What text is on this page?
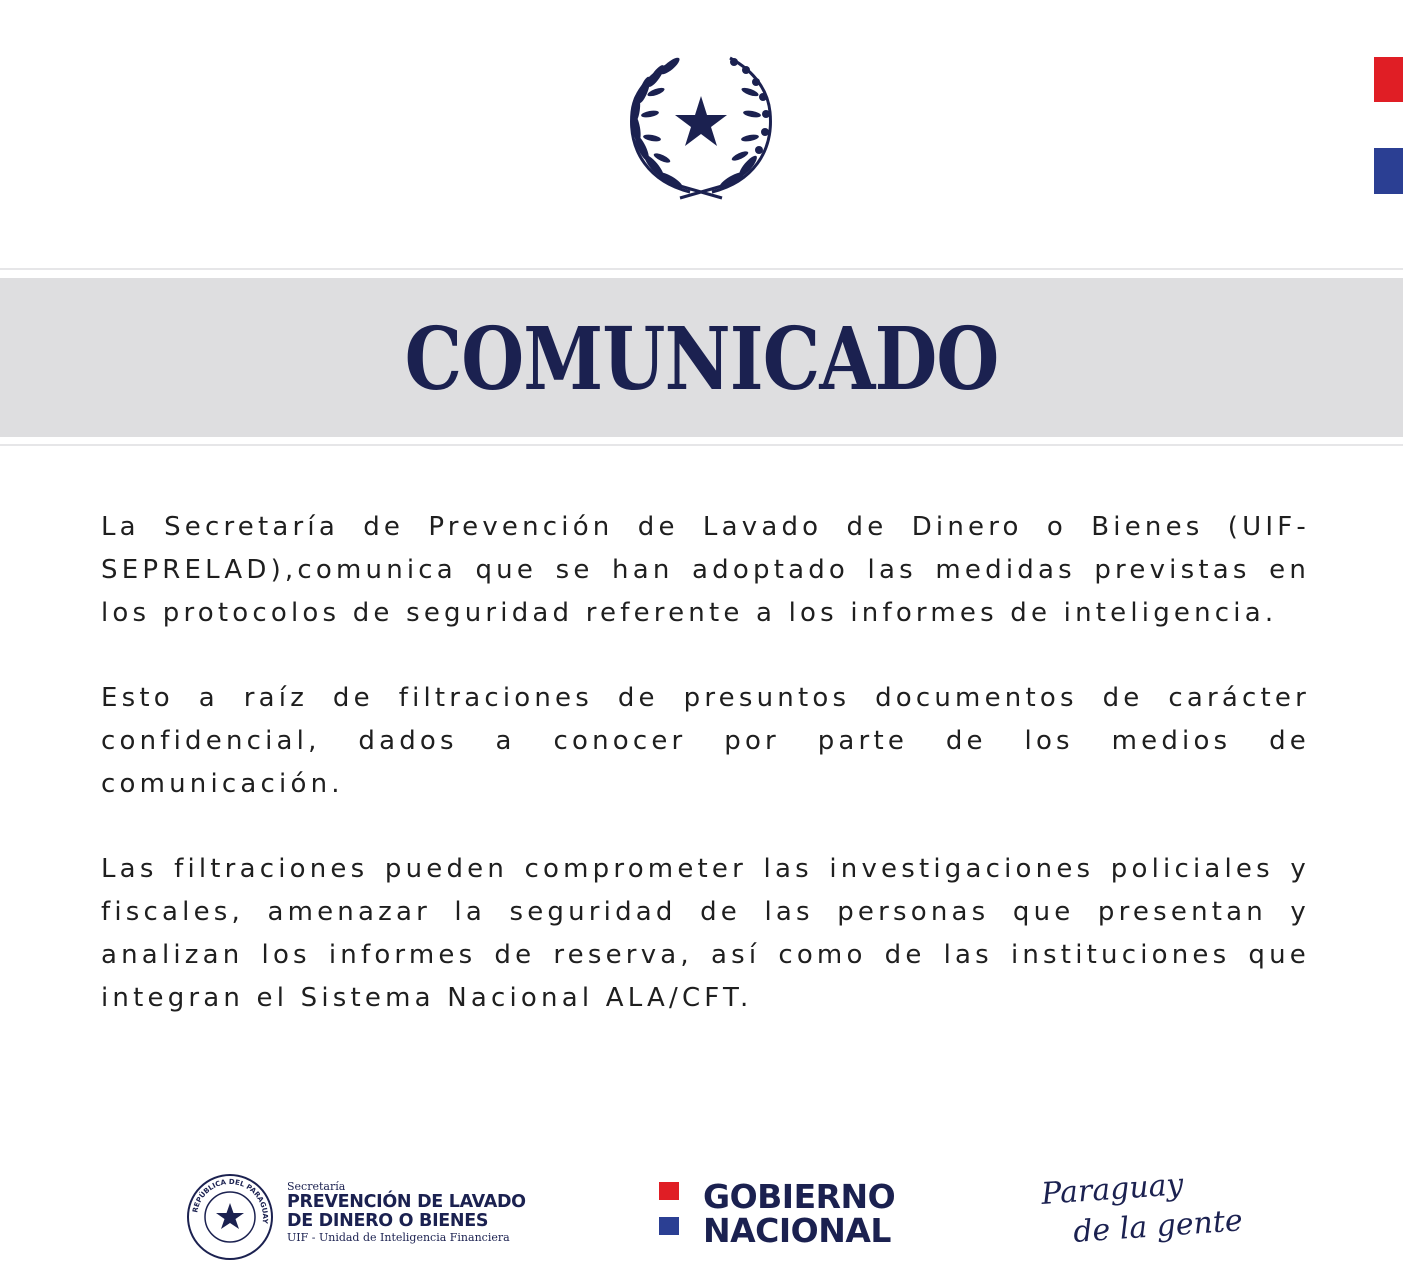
COMUNICADO

La Secretaría de Prevención de Lavado de Dinero o Bienes (UIF-SEPRELAD),comunica que se han adoptado las medidas previstas en los protocolos de seguridad referente a los informes de inteligencia.

Esto a raíz de filtraciones de presuntos documentos de carácter confidencial, dados a conocer por parte de los medios de comunicación.

Las filtraciones pueden comprometer las investigaciones policiales y fiscales, amenazar la seguridad de las personas que presentan y analizan los informes de reserva, así como de las instituciones que integran el Sistema Nacional ALA/CFT.

REPÚBLICA DEL PARAGUAY
Secretaría
PREVENCIÓN DE LAVADO
DE DINERO O BIENES
UIF - Unidad de Inteligencia Financiera
GOBIERNO
NACIONAL
Paraguay
de la gente
